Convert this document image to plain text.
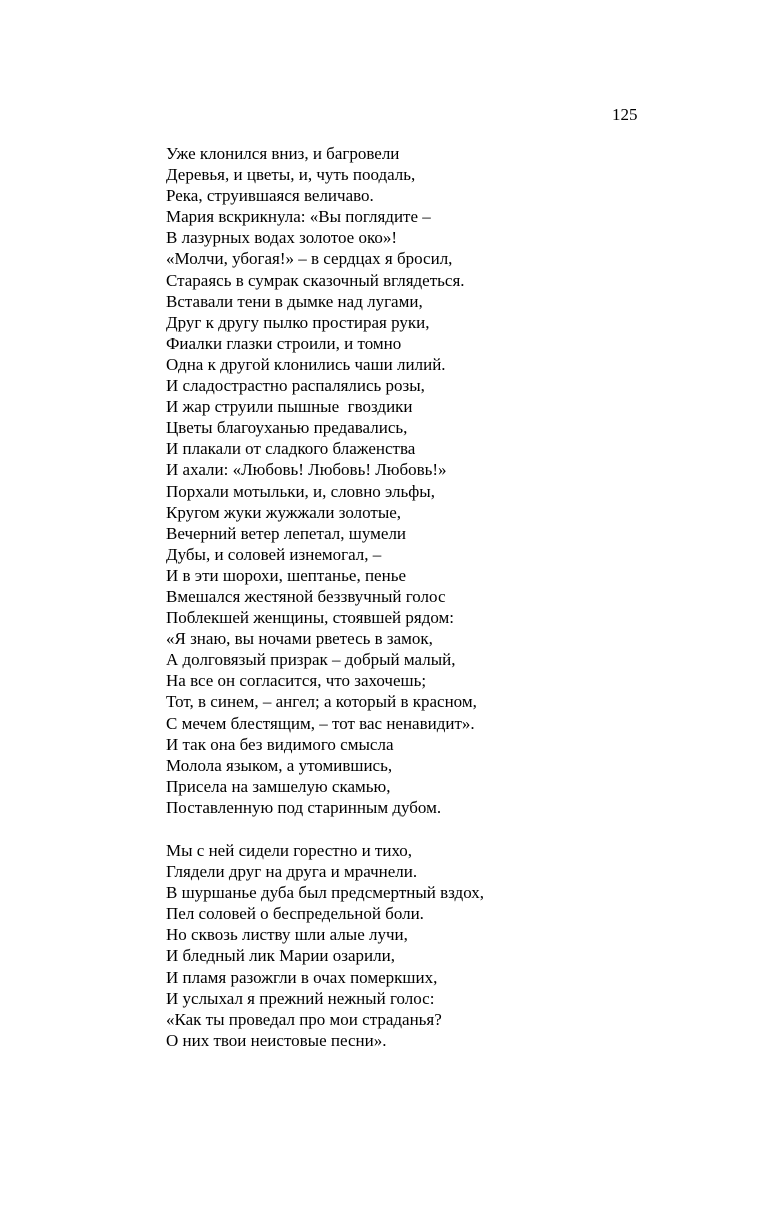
125
Уже клонился вниз, и багровели
Деревья, и цветы, и, чуть поодаль,
Река, струившаяся величаво.
Мария вскрикнула: «Вы поглядите –
В лазурных водах золотое око»!
«Молчи, убогая!» – в сердцах я бросил,
Стараясь в сумрак сказочный вглядеться.
Вставали тени в дымке над лугами,
Друг к другу пылко простирая руки,
Фиалки глазки строили, и томно
Одна к другой клонились чаши лилий.
И сладострастно распалялись розы,
И жар струили пышные  гвоздики
Цветы благоуханью предавались,
И плакали от сладкого блаженства
И ахали: «Любовь! Любовь! Любовь!»
Порхали мотыльки, и, словно эльфы,
Кругом жуки жужжали золотые,
Вечерний ветер лепетал, шумели
Дубы, и соловей изнемогал, –
И в эти шорохи, шептанье, пенье
Вмешался жестяной беззвучный голос
Поблекшей женщины, стоявшей рядом:
«Я знаю, вы ночами рветесь в замок,
А долговязый призрак – добрый малый,
На все он согласится, что захочешь;
Тот, в синем, – ангел; а который в красном,
С мечем блестящим, – тот вас ненавидит».
И так она без видимого смысла
Молола языком, а утомившись,
Присела на замшелую скамью,
Поставленную под старинным дубом.
Мы с ней сидели горестно и тихо,
Глядели друг на друга и мрачнели.
В шуршанье дуба был предсмертный вздох,
Пел соловей о беспредельной боли.
Но сквозь листву шли алые лучи,
И бледный лик Марии озарили,
И пламя разожгли в очах померкших,
И услыхал я прежний нежный голос:
«Как ты проведал про мои страданья?
О них твои неистовые песни».
